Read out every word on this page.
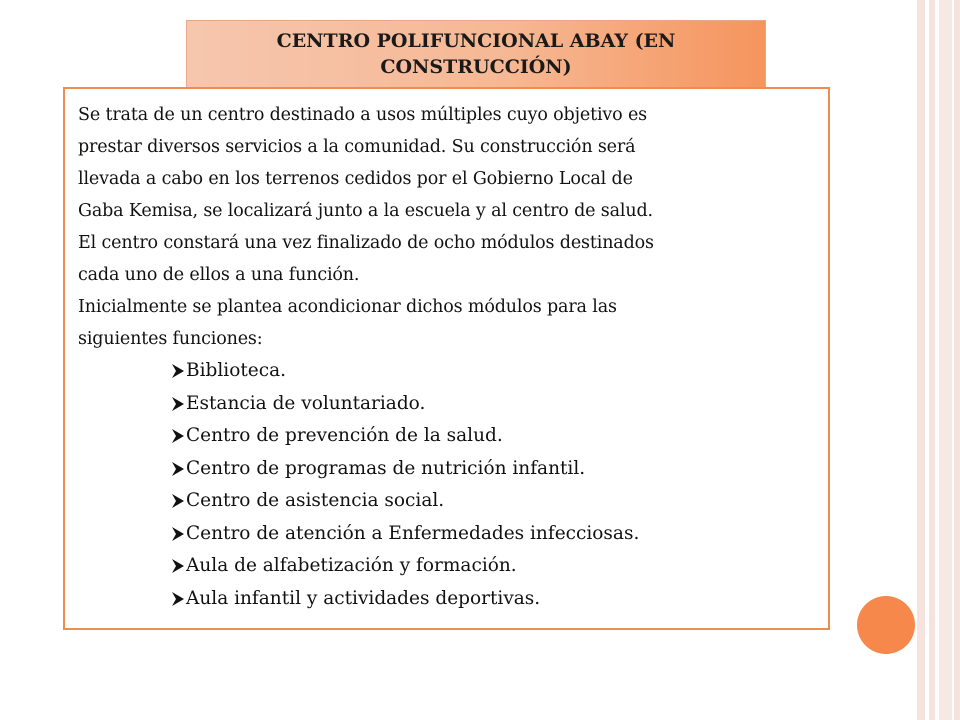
CENTRO POLIFUNCIONAL ABAY (EN CONSTRUCCIÓN)

Se trata de un centro destinado a usos múltiples cuyo objetivo es
prestar diversos servicios a la comunidad. Su construcción será
llevada a cabo en los terrenos cedidos por el Gobierno Local de
Gaba Kemisa, se localizará junto a la escuela y al centro de salud.
El centro constará una vez finalizado de ocho módulos destinados
cada uno de ellos a una función.
Inicialmente se plantea acondicionar dichos módulos para las
siguientes funciones:

Biblioteca.
Estancia de voluntariado.
Centro de prevención de la salud.
Centro de programas de nutrición infantil.
Centro de asistencia social.
Centro de atención a Enfermedades infecciosas.
Aula de alfabetización y formación.
Aula infantil y actividades deportivas.
